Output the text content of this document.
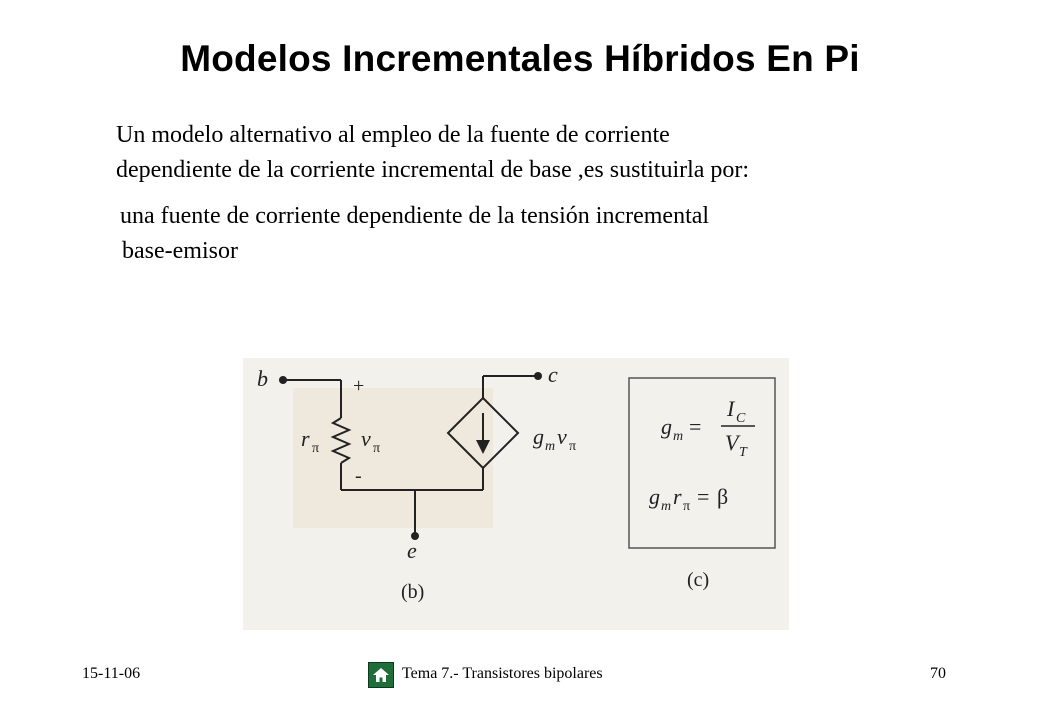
Modelos Incrementales Híbridos En Pi
Un modelo alternativo al empleo de la fuente de corriente
dependiente de la corriente incremental de base ,es sustituirla por:
una fuente de corriente dependiente de la tensión incremental
base-emisor
b	c
e
+
-
r π v π	g m v π
(b)
g m =
I C
V T
g m r π = β
(c)
15-11-06	Tema 7.- Transistores bipolares	70
